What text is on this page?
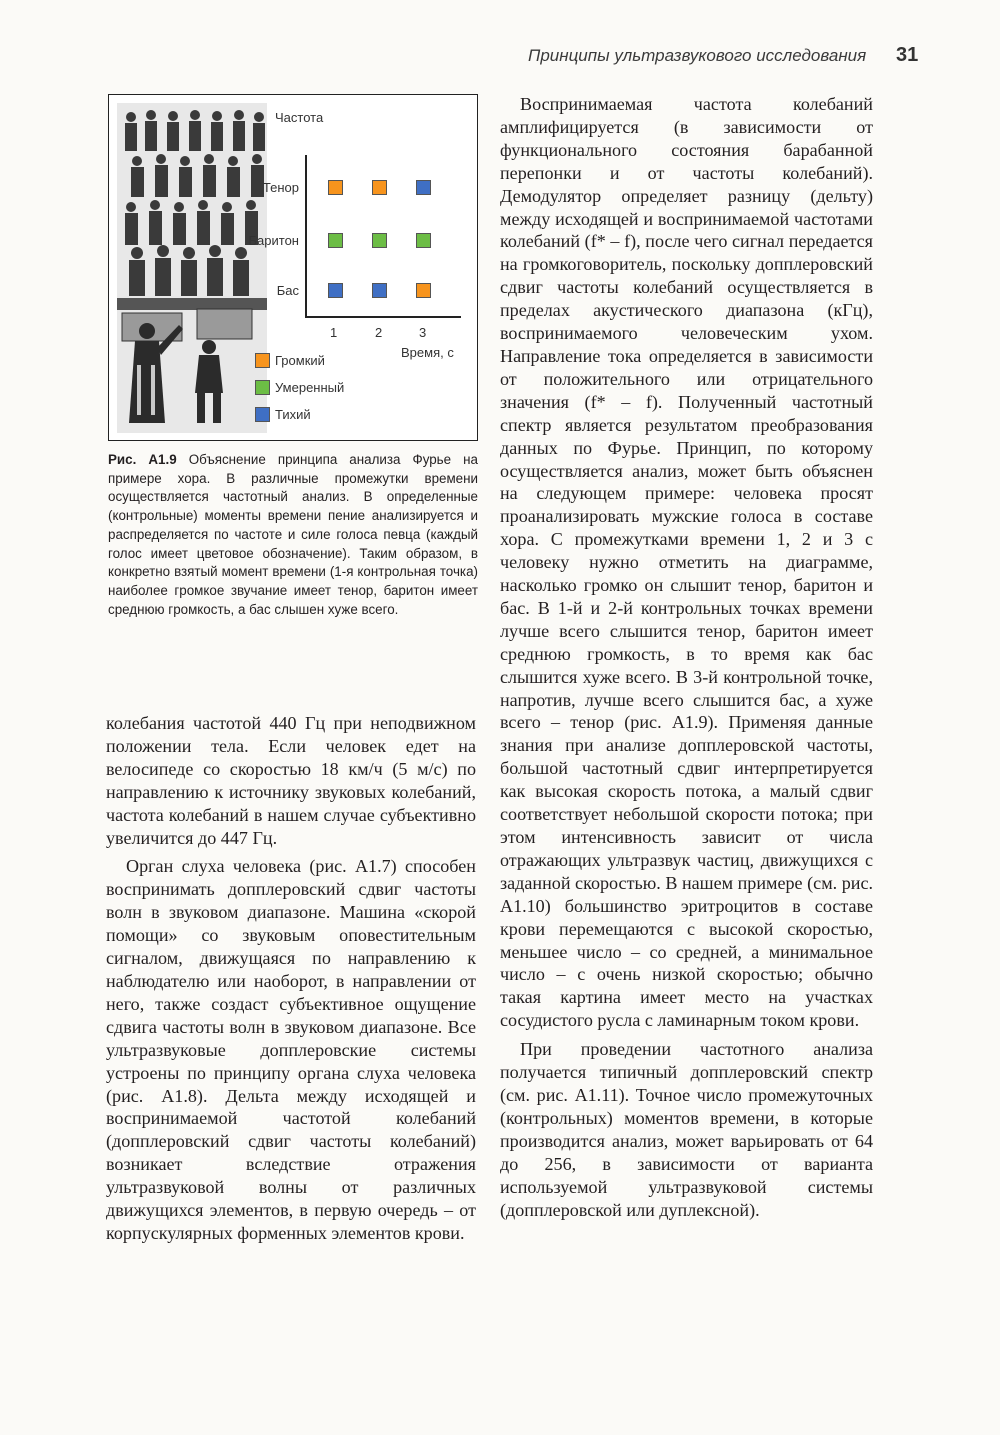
Принципы ультразвукового исследования 31
Частота
Тенор
Баритон
Бас
1	2	3
Время, с
Громкий
Умеренный
Тихий
Рис. А1.9 Объяснение принципа анализа Фурье на примере хора. В различные промежутки времени осуществляется частотный анализ. В определенные (контрольные) моменты времени пение анализируется и распределяется по частоте и силе голоса певца (каждый голос имеет цветовое обозначение). Таким образом, в конкретно взятый момент времени (1-я контрольная точка) наиболее громкое звучание имеет тенор, баритон имеет среднюю громкость, а бас слышен хуже всего.

колебания частотой 440 Гц при неподвижном положении тела. Если человек едет на велосипеде со скоростью 18 км/ч (5 м/с) по направлению к источнику звуковых колебаний, частота колебаний в нашем случае субъективно увеличится до 447 Гц.

Орган слуха человека (рис. А1.7) способен воспринимать допплеровский сдвиг частоты волн в звуковом диапазоне. Машина «скорой помощи» со звуковым оповестительным сигналом, движущаяся по направлению к наблюдателю или наоборот, в направлении от него, также создаст субъективное ощущение сдвига частоты волн в звуковом диапазоне. Все ультразвуковые допплеровские системы устроены по принципу органа слуха человека (рис. А1.8). Дельта между исходящей и воспринимаемой частотой колебаний (допплеровский сдвиг частоты колебаний) возникает вследствие отражения ультразвуковой волны от различных движущихся элементов, в первую очередь – от корпускулярных форменных элементов крови.

Воспринимаемая частота колебаний амплифицируется (в зависимости от функционального состояния барабанной перепонки и от частоты колебаний). Демодулятор определяет разницу (дельту) между исходящей и воспринимаемой частотами колебаний (f* – f), после чего сигнал передается на громкоговоритель, поскольку допплеровский сдвиг частоты колебаний осуществляется в пределах акустического диапазона (кГц), воспринимаемого человеческим ухом. Направление тока определяется в зависимости от положительного или отрицательного значения (f* – f). Полученный частотный спектр является результатом преобразования данных по Фурье. Принцип, по которому осуществляется анализ, может быть объяснен на следующем примере: человека просят проанализировать мужские голоса в составе хора. С промежутками времени 1, 2 и 3 с человеку нужно отметить на диаграмме, насколько громко он слышит тенор, баритон и бас. В 1-й и 2-й контрольных точках времени лучше всего слышится тенор, баритон имеет среднюю громкость, в то время как бас слышится хуже всего. В 3-й контрольной точке, напротив, лучше всего слышится бас, а хуже всего – тенор (рис. А1.9). Применяя данные знания при анализе допплеровской частоты, большой частотный сдвиг интерпретируется как высокая скорость потока, а малый сдвиг соответствует небольшой скорости потока; при этом интенсивность зависит от числа отражающих ультразвук частиц, движущихся с заданной скоростью. В нашем примере (см. рис. А1.10) большинство эритроцитов в составе крови перемещаются с высокой скоростью, меньшее число – со средней, а минимальное число – с очень низкой скоростью; обычно такая картина имеет место на участках сосудистого русла с ламинарным током крови.

При проведении частотного анализа получается типичный допплеровский спектр (см. рис. А1.11). Точное число промежуточных (контрольных) моментов времени, в которые производится анализ, может варьировать от 64 до 256, в зависимости от варианта используемой ультразвуковой системы (допплеровской или дуплексной).
